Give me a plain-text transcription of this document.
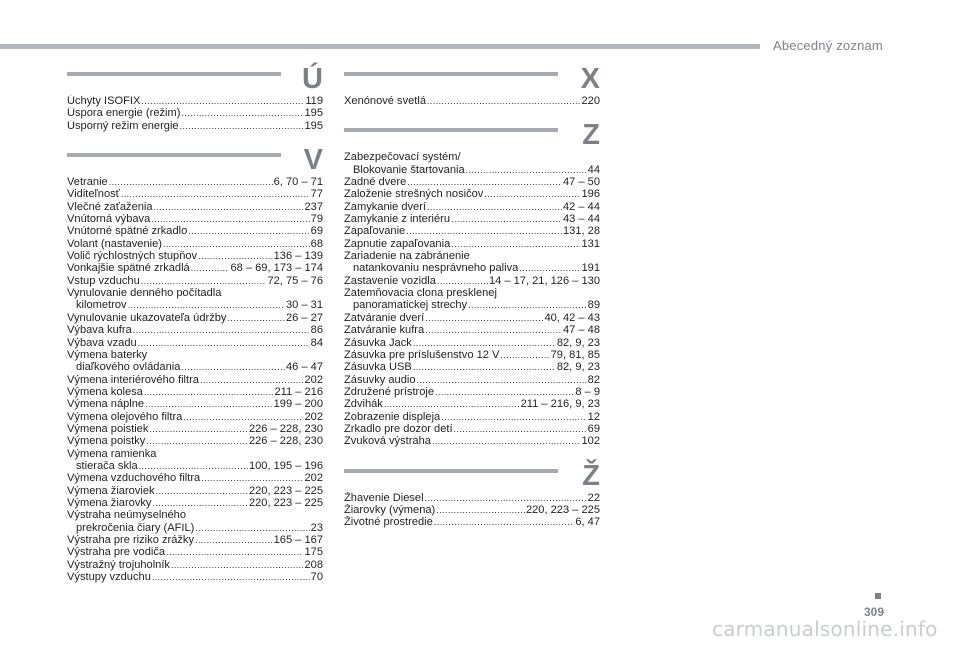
Abecedný zoznam
Ú
Úchyty ISOFIX .....	119
Úspora energie (režim) .....	195
Úsporný režim energie .....	195
V
Vetranie .....	6, 70 – 71
Viditeľnosť .....	77
Vlečné zaťaženia .....	237
Vnútorná výbava .....	79
Vnútorné spätné zrkadlo .....	69
Volant (nastavenie) .....	68
Volič rýchlostných stupňov .....	136 – 139
Vonkajšie spätné zrkadlá .....	68 – 69, 173 – 174
Vstup vzduchu .....	72, 75 – 76
Vynulovanie denného počítadla
kilometrov .....	30 – 31
Vynulovanie ukazovateľa údržby .....	26 – 27
Výbava kufra .....	86
Výbava vzadu .....	84
Výmena baterky
diaľkového ovládania .....	46 – 47
Výmena interiérového filtra .....	202
Výmena kolesa .....	211 – 216
Výmena náplne .....	199 – 200
Výmena olejového filtra .....	202
Výmena poistiek .....	226 – 228, 230
Výmena poistky .....	226 – 228, 230
Výmena ramienka
stierača skla .....	100, 195 – 196
Výmena vzduchového filtra .....	202
Výmena žiaroviek .....	220, 223 – 225
Výmena žiarovky .....	220, 223 – 225
Výstraha neúmyselného
prekročenia čiary (AFIL) .....	23
Výstraha pre riziko zrážky .....	165 – 167
Výstraha pre vodiča .....	175
Výstražný trojuholník .....	208
Výstupy vzduchu .....	70
X
Xenónové svetlá .....	220
Z
Zabezpečovací systém/
Blokovanie štartovania .....	44
Zadné dvere .....	47 – 50
Založenie strešných nosičov .....	196
Zamykanie dverí .....	42 – 44
Zamykanie z interiéru .....	43 – 44
Zapaľovanie .....	131, 28
Zapnutie zapaľovania .....	131
Zariadenie na zabránenie
natankovaniu nesprávneho paliva .....	191
Zastavenie vozidla .....	14 – 17, 21, 126 – 130
Zatemňovacia clona presklenej
panoramatickej strechy .....	89
Zatváranie dverí .....	40, 42 – 43
Zatváranie kufra .....	47 – 48
Zásuvka Jack .....	82, 9, 23
Zásuvka pre príslušenstvo 12 V .....	79, 81, 85
Zásuvka USB .....	82, 9, 23
Zásuvky audio .....	82
Združené prístroje .....	8 – 9
Zdvihák .....	211 – 216, 9, 23
Zobrazenie displeja .....	12
Zrkadlo pre dozor detí .....	69
Zvuková výstraha .....	102
Ž
Žhavenie Diesel .....	22
Žiarovky (výmena) .....	220, 223 – 225
Životné prostredie .....	6, 47
309
carmanualsonline.info
